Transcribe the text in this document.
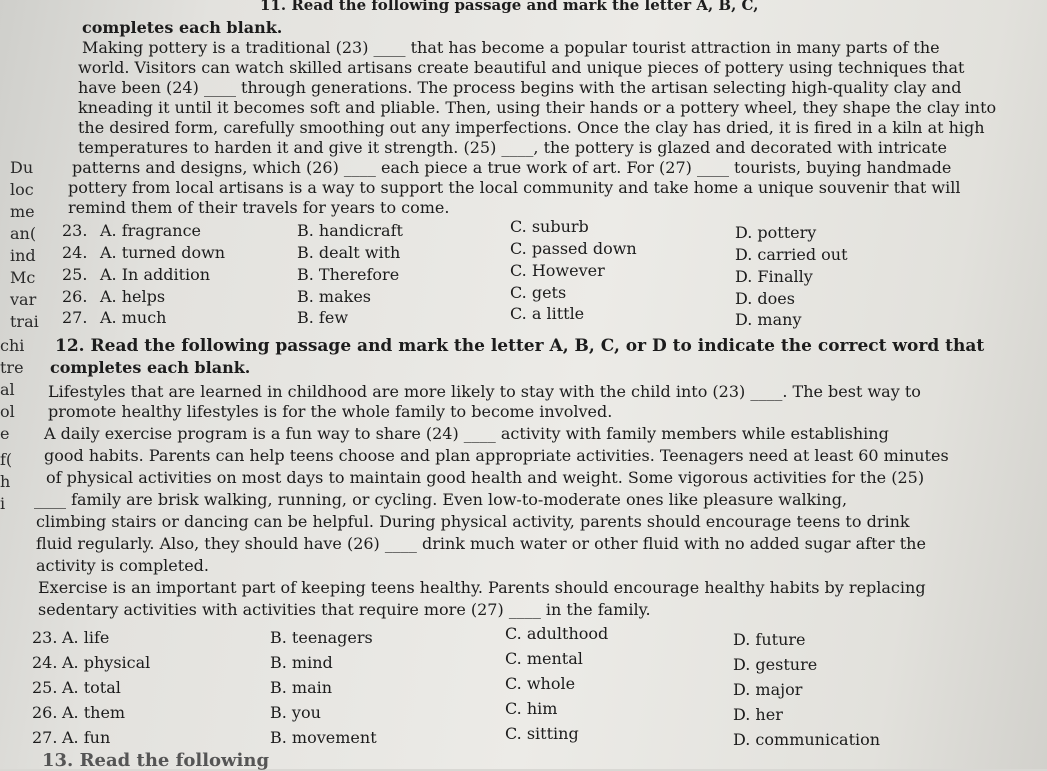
11. Read the following passage and mark the letter A, B, C,
completes each blank.
Making pottery is a traditional (23) ____ that has become a popular tourist attraction in many parts of the
world. Visitors can watch skilled artisans create beautiful and unique pieces of pottery using techniques that
have been (24) ____ through generations. The process begins with the artisan selecting high-quality clay and
kneading it until it becomes soft and pliable. Then, using their hands or a pottery wheel, they shape the clay into
the desired form, carefully smoothing out any imperfections. Once the clay has dried, it is fired in a kiln at high
temperatures to harden it and give it strength. (25) ____, the pottery is glazed and decorated with intricate
patterns and designs, which (26) ____ each piece a true work of art. For (27) ____ tourists, buying handmade
pottery from local artisans is a way to support the local community and take home a unique souvenir that will
remind them of their travels for years to come.
23. A. fragrance	B. handicraft	C. suburb	D. pottery
24. A. turned down	B. dealt with	C. passed down	D. carried out
25. A. In addition	B. Therefore	C. However	D. Finally
26. A. helps	B. makes	C. gets	D. does
27. A. much	B. few	C. a little	D. many
12. Read the following passage and mark the letter A, B, C, or D to indicate the correct word that
completes each blank.
Lifestyles that are learned in childhood are more likely to stay with the child into (23) ____. The best way to
promote healthy lifestyles is for the whole family to become involved.
A daily exercise program is a fun way to share (24) ____ activity with family members while establishing
good habits. Parents can help teens choose and plan appropriate activities. Teenagers need at least 60 minutes
of physical activities on most days to maintain good health and weight. Some vigorous activities for the (25)
____ family are brisk walking, running, or cycling. Even low-to-moderate ones like pleasure walking,
climbing stairs or dancing can be helpful. During physical activity, parents should encourage teens to drink
fluid regularly. Also, they should have (26) ____ drink much water or other fluid with no added sugar after the
activity is completed.
Exercise is an important part of keeping teens healthy. Parents should encourage healthy habits by replacing
sedentary activities with activities that require more (27) ____ in the family.
23. A. life	B. teenagers	C. adulthood	D. future
24. A. physical	B. mind	C. mental	D. gesture
25. A. total	B. main	C. whole	D. major
26. A. them	B. you	C. him	D. her
27. A. fun	B. movement	C. sitting	D. communication
13. Read the following
Du
loc
me
an(
ind
Mc
var
trai
chi
tre
al
ol
e
f(
h
i
